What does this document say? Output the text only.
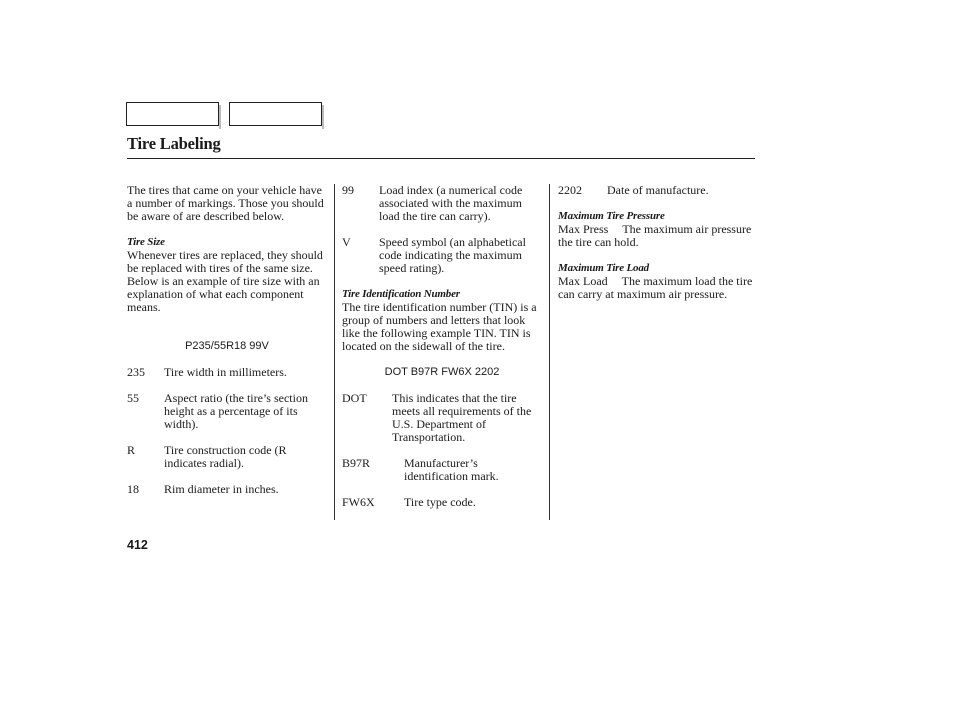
Tire Labeling

The tires that came on your vehicle have a number of markings. Those you should be aware of are described below.

Tire Size

Whenever tires are replaced, they should be replaced with tires of the same size. Below is an example of tire size with an explanation of what each component means.

P235/55R18 99V

235	Tire width in millimeters.
55	Aspect ratio (the tire’s section height as a percentage of its width).
R	Tire construction code (R indicates radial).
18	Rim diameter in inches.
99	Load index (a numerical code associated with the maximum load the tire can carry).
V	Speed symbol (an alphabetical code indicating the maximum speed rating).

Tire Identification Number

The tire identification number (TIN) is a group of numbers and letters that look like the following example TIN. TIN is located on the sidewall of the tire.

DOT B97R FW6X 2202

DOT	This indicates that the tire meets all requirements of the U.S. Department of Transportation.
B97R	Manufacturer’s identification mark.
FW6X	Tire type code.
2202	Date of manufacture.

Maximum Tire Pressure

Max Press The maximum air pressure the tire can hold.

Maximum Tire Load

Max Load The maximum load the tire can carry at maximum air pressure.

412
